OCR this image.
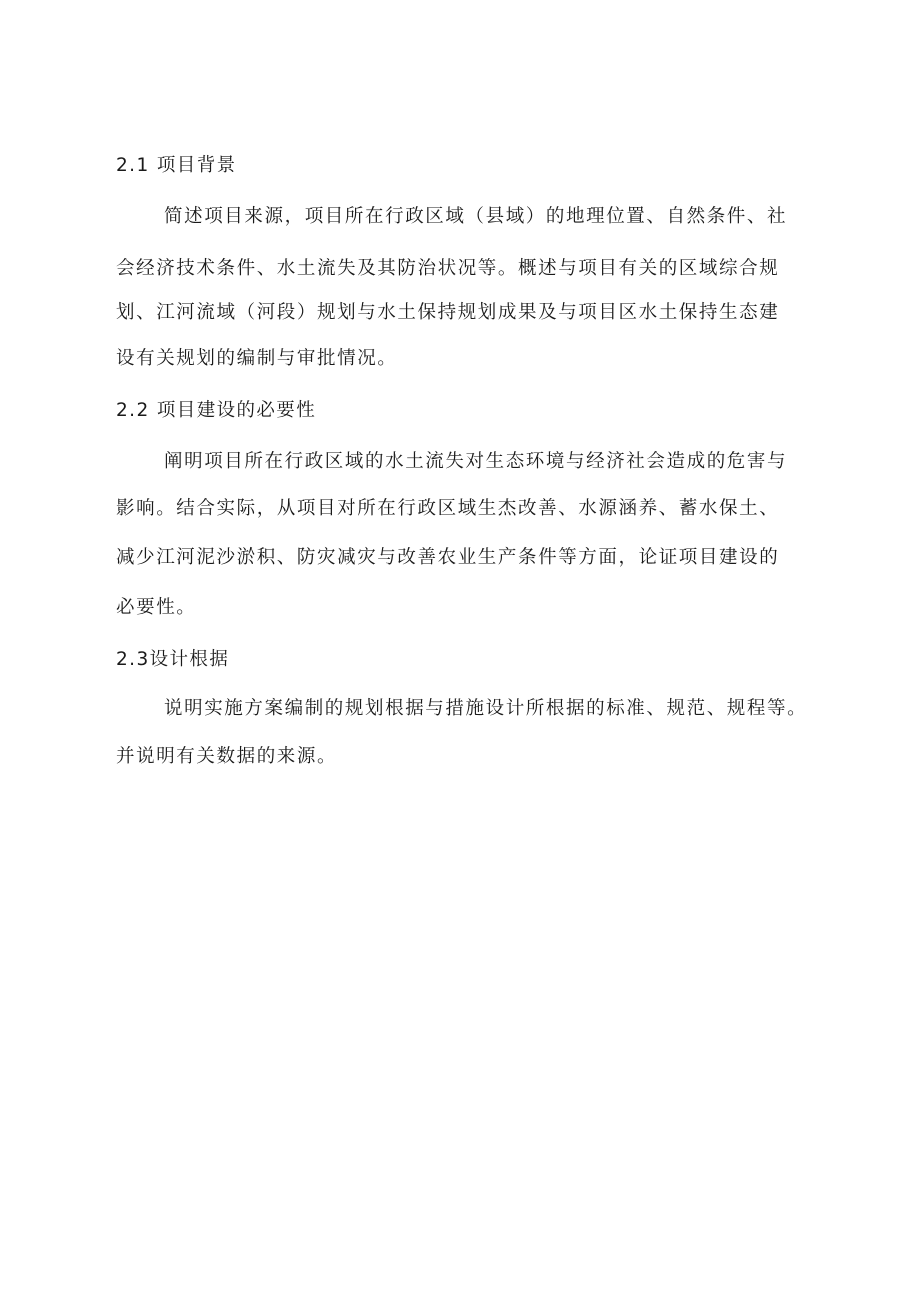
2.1 项目背景
简述项目来源，项目所在行政区域（县域）的地理位置、自然条件、社
会经济技术条件、水土流失及其防治状况等。概述与项目有关的区域综合规
划、江河流域（河段）规划与水土保持规划成果及与项目区水土保持生态建
设有关规划的编制与审批情况。
2.2 项目建设的必要性
阐明项目所在行政区域的水土流失对生态环境与经济社会造成的危害与
影响。结合实际，从项目对所在行政区域生杰改善、水源涵养、蓄水保土、
减少江河泥沙淤积、防灾减灾与改善农业生产条件等方面，论证项目建设的
必要性。
2.3设计根据
说明实施方案编制的规划根据与措施设计所根据的标准、规范、规程等。
并说明有关数据的来源。
